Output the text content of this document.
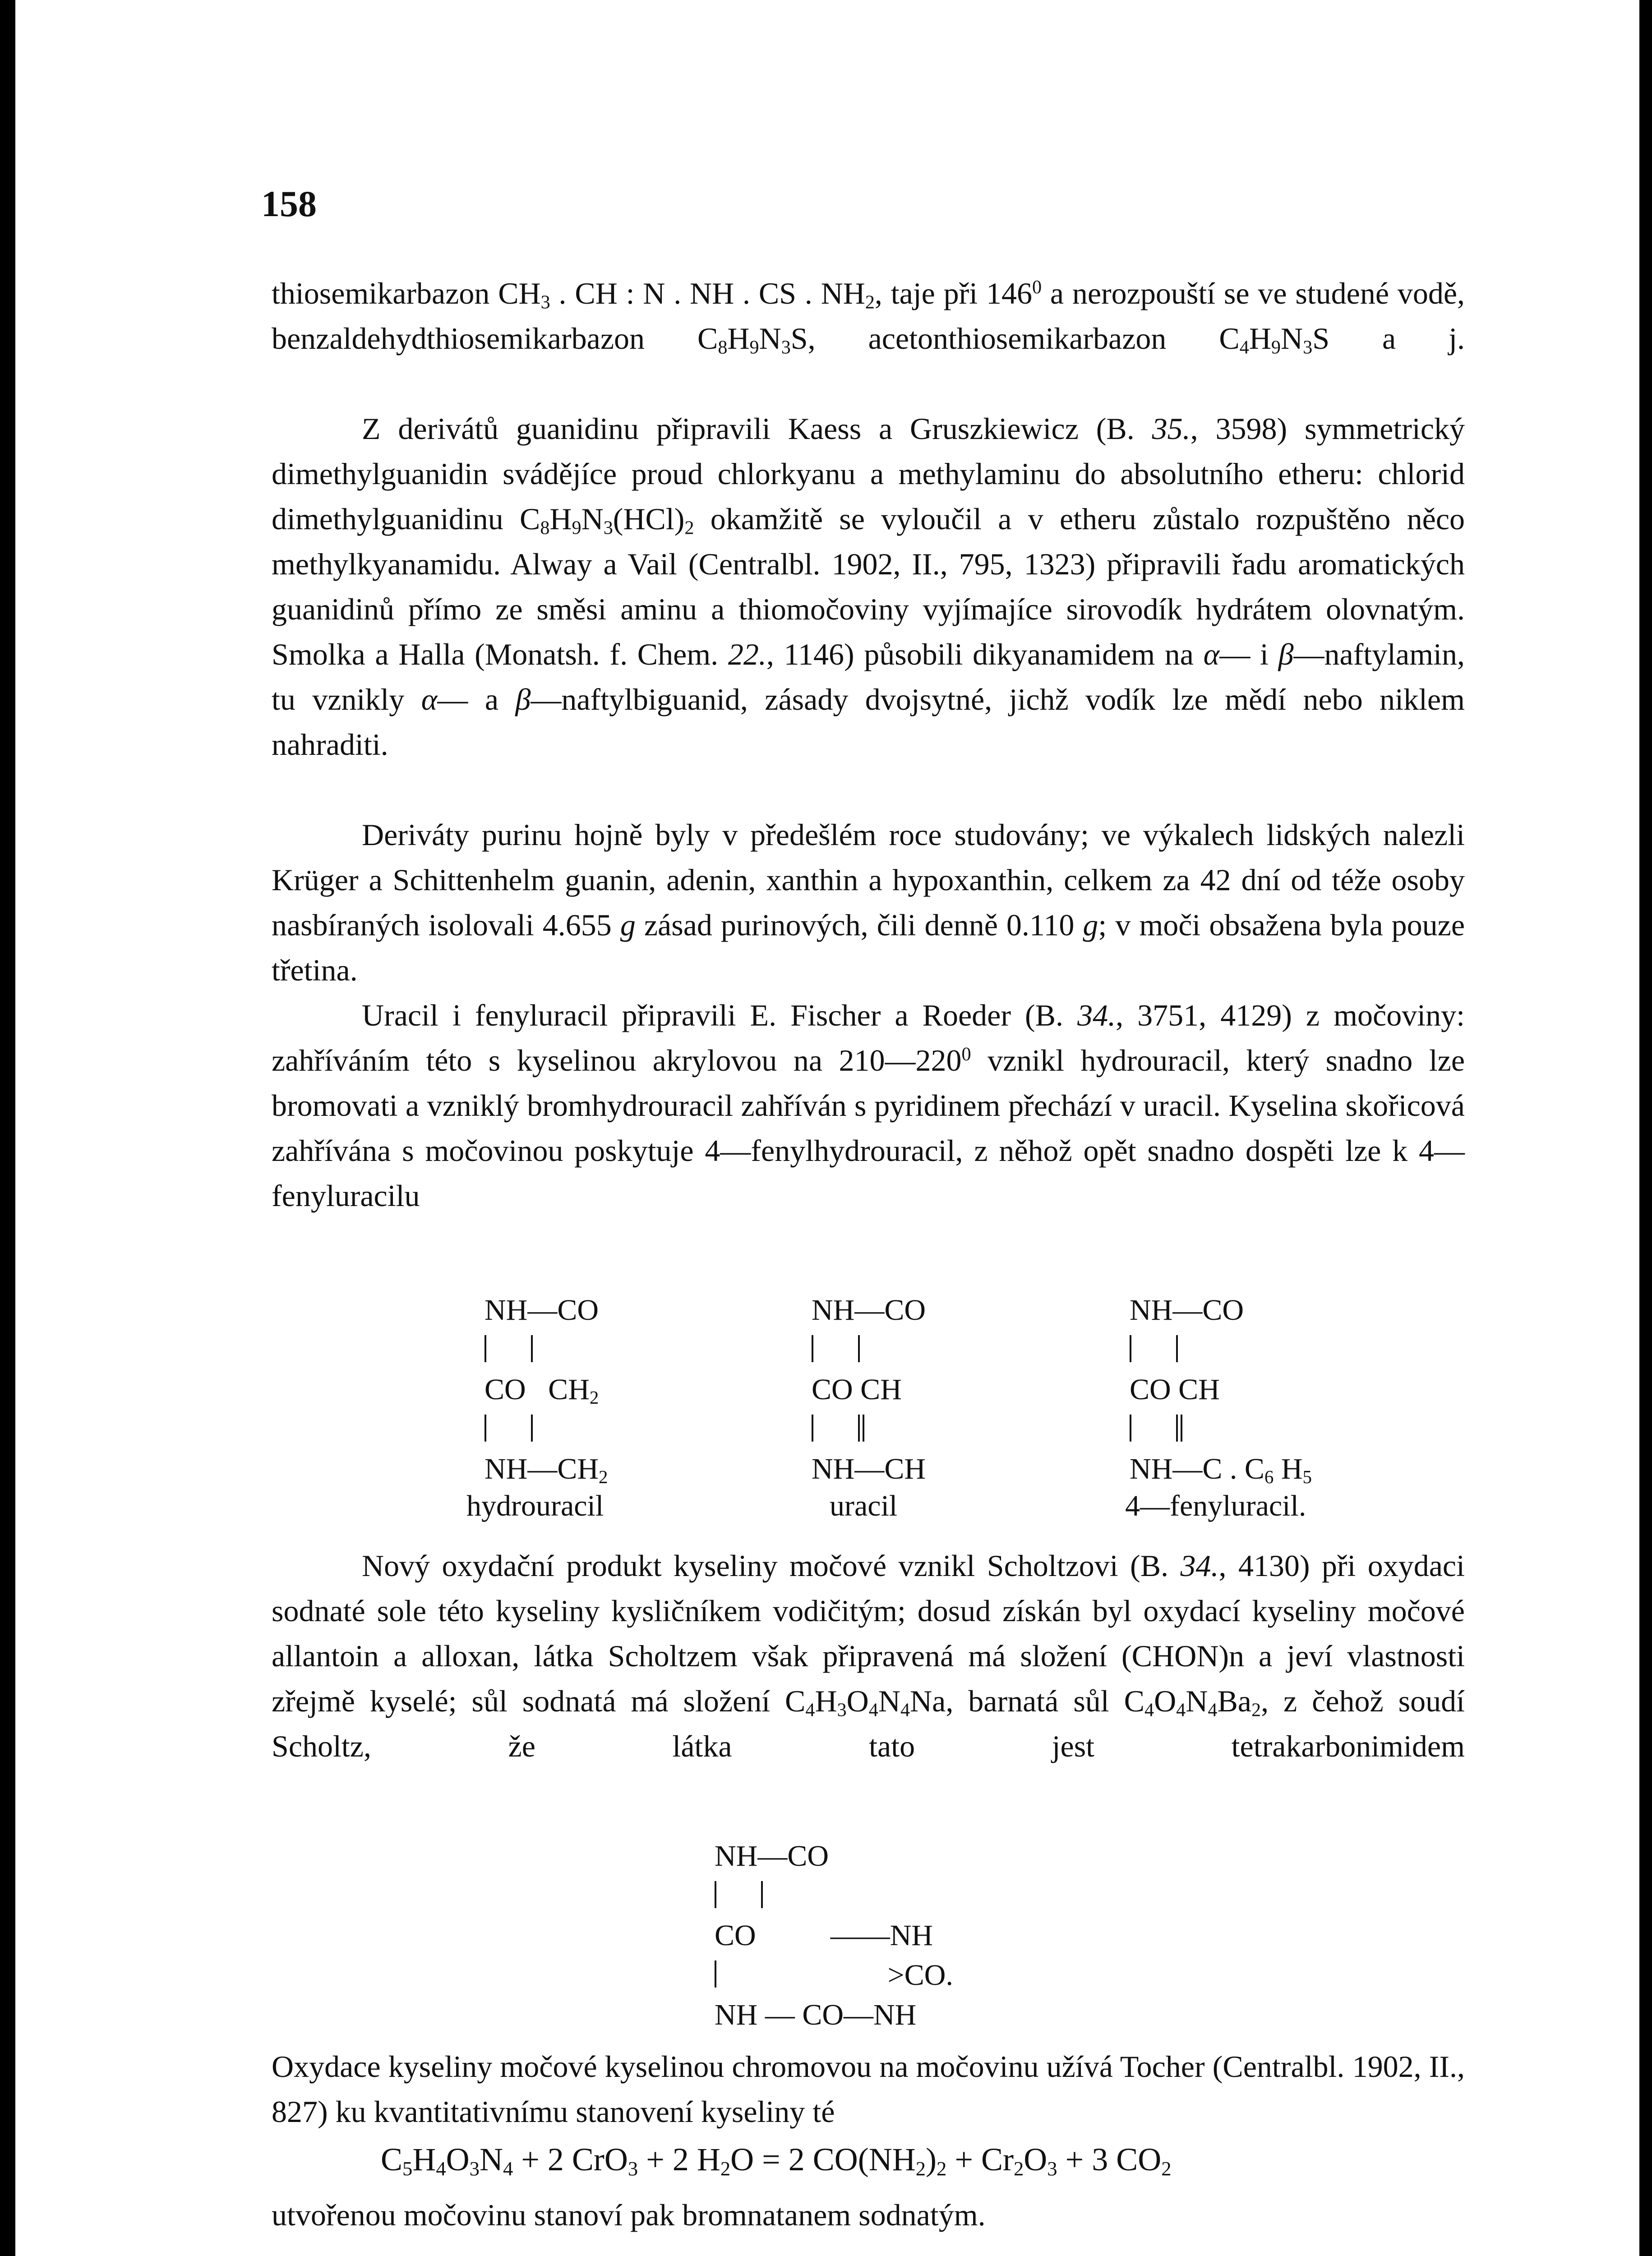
158

thiosemikarbazon $CH_3$ . CH : N . NH . CS . $NH_2$, taje při $146^0$ a nerozpouští se ve studené vodě, benzaldehydthiosemikarbazon $C_8H_9N_3S$, acetonthiosemikarbazon $C_4H_9N_3S$ a j.

Z derivátů guanidinu připravili Kaess a Gruszkiewicz (B. 35., 3598) symmetrický dimethylguanidin svádějíce proud chlorkyanu a methylaminu do absolutního etheru: chlorid dimethylguanidinu $C_8H_9N_3(HCl)_2$ okamžitě se vyloučil a v etheru zůstalo rozpuštěno něco methylkyanamidu. Alway a Vail (Centralbl. 1902, II., 795, 1323) připravili řadu aromatických guanidinů přímo ze směsi aminu a thiomočoviny vyjímajíce sirovodík hydrátem olovnatým. Smolka a Halla (Monatsh. f. Chem. 22., 1146) působili dikyanamidem na α— i β—naftylamin, tu vznikly α— a β—naftylbiguanid, zásady dvojsytné, jichž vodík lze mědí nebo niklem nahraditi.

Deriváty purinu hojně byly v předešlém roce studovány; ve výkalech lidských nalezli Krüger a Schittenhelm guanin, adenin, xanthin a hypoxanthin, celkem za 42 dní od téže osoby nasbíraných isolovali 4.655 g zásad purinových, čili denně 0.110 g; v moči obsažena byla pouze třetina.

Uracil i fenyluracil připravili E. Fischer a Roeder (B. 34., 3751, 4129) z močoviny: zahříváním této s kyselinou akrylovou na $210—220^0$ vznikl hydrouracil, který snadno lze bromovati a vzniklý bromhydrouracil zahříván s pyridinem přechází v uracil. Kyselina skořicová zahřívána s močovinou poskytuje 4—fenylhydrouracil, z něhož opět snadno dospěti lze k 4—fenyluracilu

NH—CO

CO   $CH_2$

$NH—CH_2$
hydrouracil
NH—CO

CO CH

NH—CH
uracil
NH—CO

CO CH

NH—C . $C_6$ $H_5$
4—fenyluracil.

Nový oxydační produkt kyseliny močové vznikl Scholtzovi (B. 34., 4130) při oxydaci sodnaté sole této kyseliny kysličníkem vodičitým; dosud získán byl oxydací kyseliny močové allantoin a alloxan, látka Scholtzem však připravená má složení (CHON)n a jeví vlastnosti zřejmě kyselé; sůl sodnatá má složení $C_4H_3O_4N_4Na$, barnatá sůl $C_4O_4N_4Ba_2$, z čehož soudí Scholtz, že látka tato jest tetrakarbonimidem

NH—CO

CO	——NH
>CO.
NH — CO—NH

Oxydace kyseliny močové kyselinou chromovou na močovinu užívá Tocher (Centralbl. 1902, II., 827) ku kvantitativnímu stanovení kyseliny té

$C_5H_4O_3N_4 + 2$ CrO$_3$ + 2 $H_2O = 2$ $CO(NH_2)_2 + Cr_2O_3 + 3$ $CO_2$
utvořenou močovinu stanoví pak bromnatanem sodnatým.
